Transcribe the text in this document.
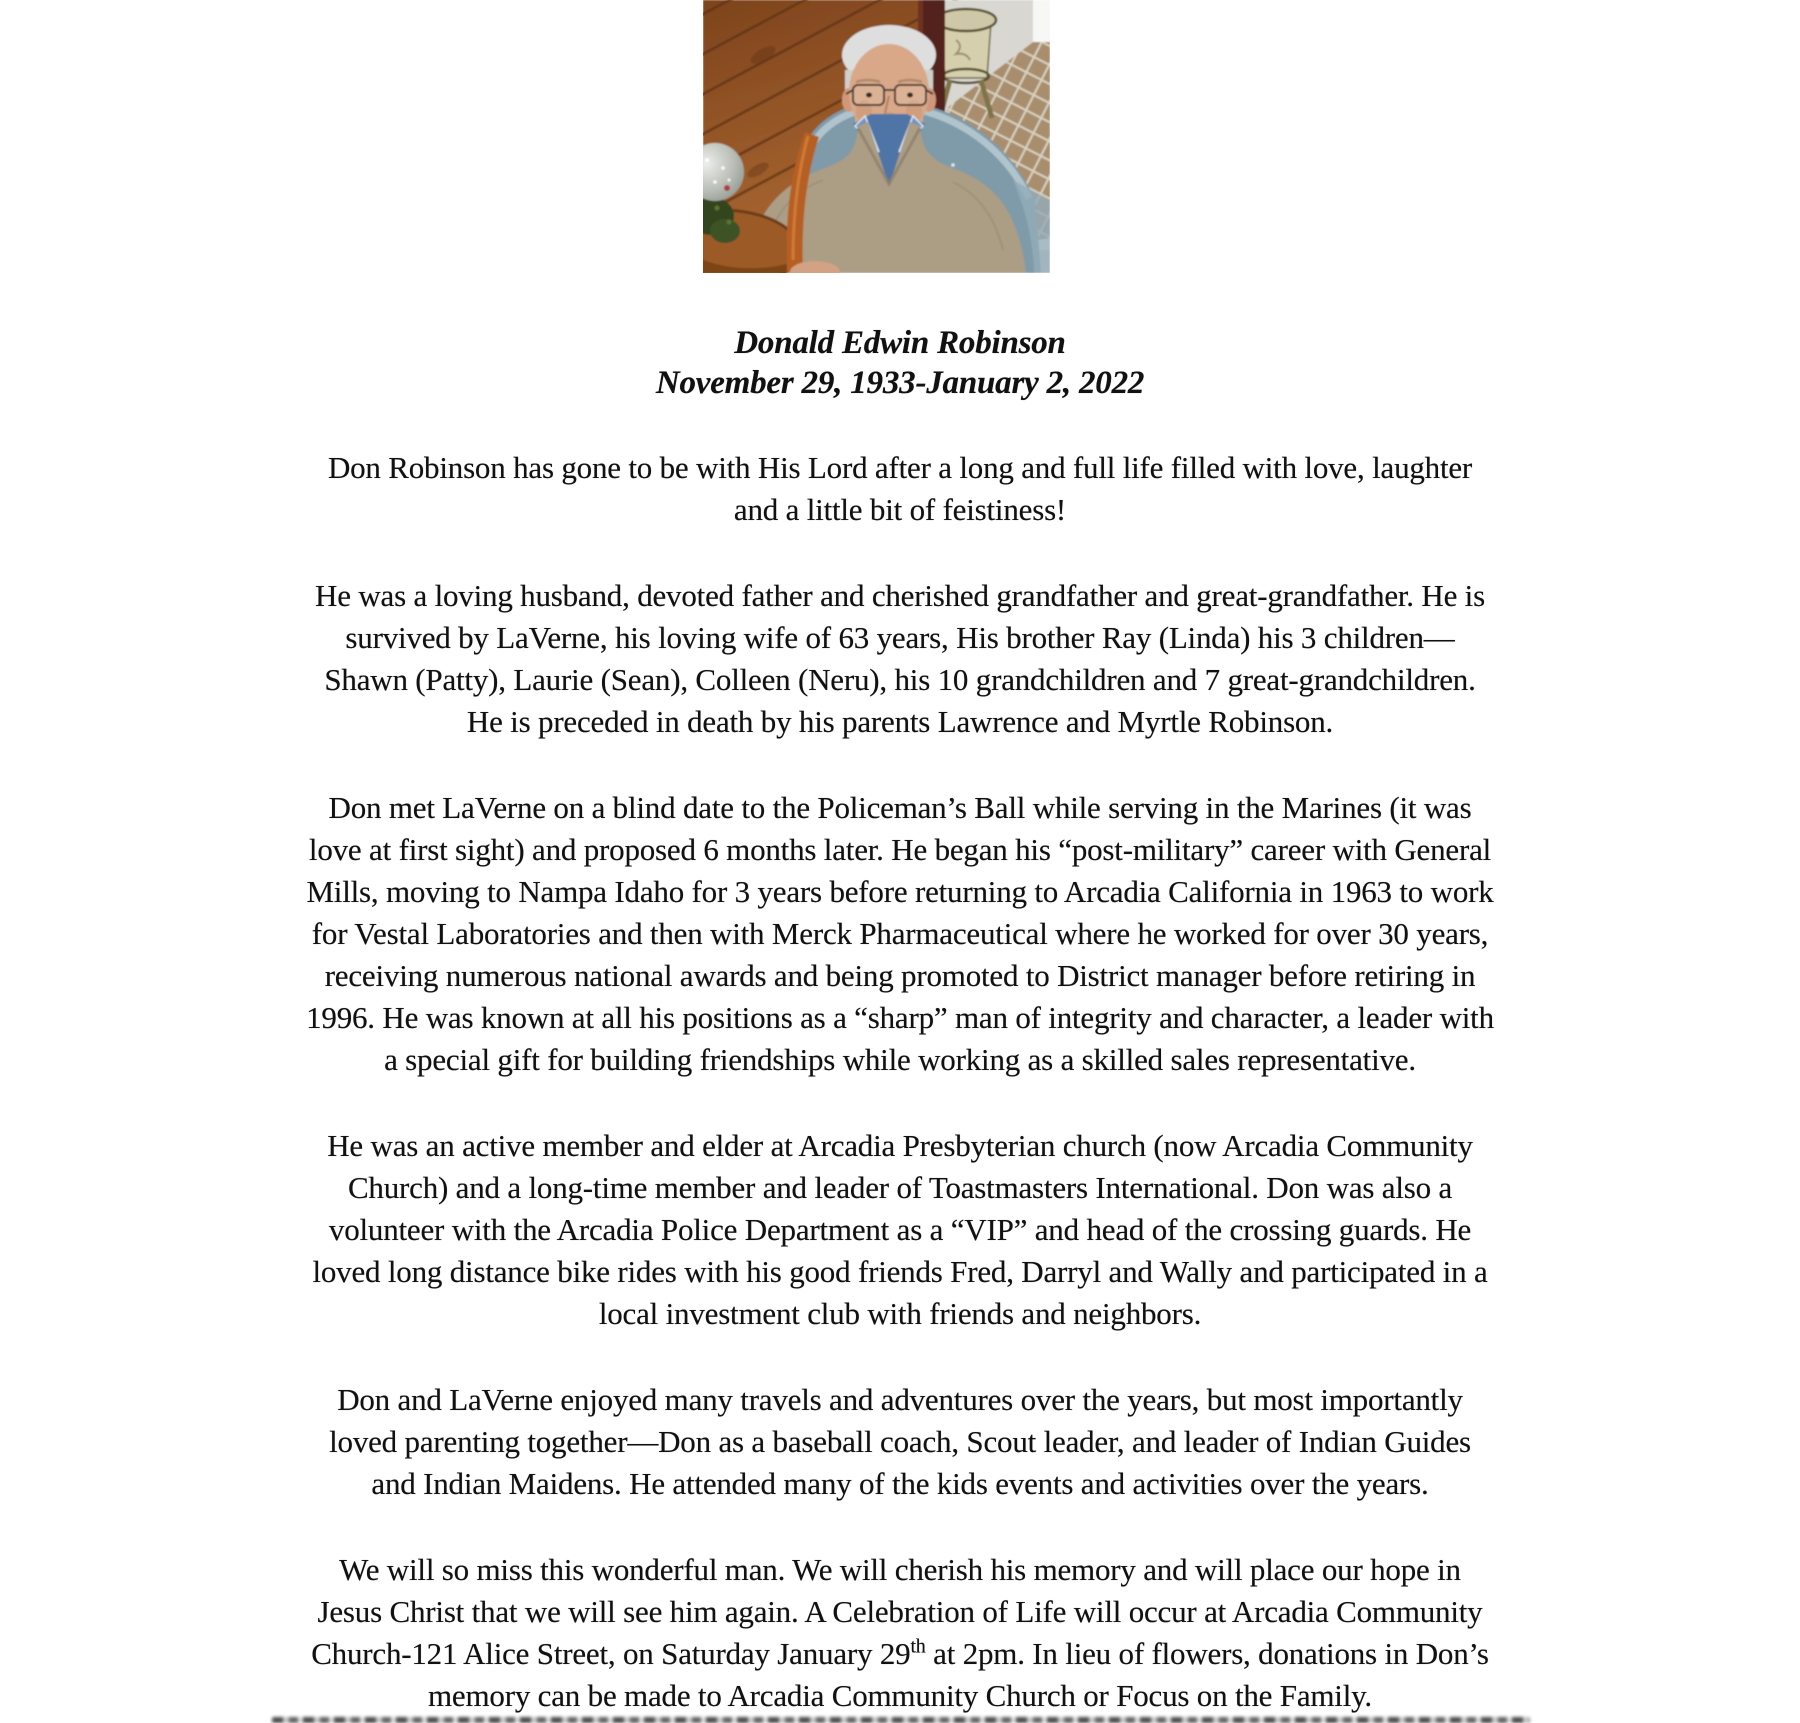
Donald Edwin Robinson
November 29, 1933-January 2, 2022
Don Robinson has gone to be with His Lord after a long and full life filled with love, laughter
and a little bit of feistiness!
He was a loving husband, devoted father and cherished grandfather and great-grandfather. He is
survived by LaVerne, his loving wife of 63 years, His brother Ray (Linda) his 3 children—
Shawn (Patty), Laurie (Sean), Colleen (Neru), his 10 grandchildren and 7 great-grandchildren.
He is preceded in death by his parents Lawrence and Myrtle Robinson.
Don met LaVerne on a blind date to the Policeman’s Ball while serving in the Marines (it was
love at first sight) and proposed 6 months later. He began his “post-military” career with General
Mills, moving to Nampa Idaho for 3 years before returning to Arcadia California in 1963 to work
for Vestal Laboratories and then with Merck Pharmaceutical where he worked for over 30 years,
receiving numerous national awards and being promoted to District manager before retiring in
1996. He was known at all his positions as a “sharp” man of integrity and character, a leader with
a special gift for building friendships while working as a skilled sales representative.
He was an active member and elder at Arcadia Presbyterian church (now Arcadia Community
Church) and a long-time member and leader of Toastmasters International. Don was also a
volunteer with the Arcadia Police Department as a “VIP” and head of the crossing guards. He
loved long distance bike rides with his good friends Fred, Darryl and Wally and participated in a
local investment club with friends and neighbors.
Don and LaVerne enjoyed many travels and adventures over the years, but most importantly
loved parenting together—Don as a baseball coach, Scout leader, and leader of Indian Guides
and Indian Maidens. He attended many of the kids events and activities over the years.
We will so miss this wonderful man. We will cherish his memory and will place our hope in
Jesus Christ that we will see him again. A Celebration of Life will occur at Arcadia Community
Church-121 Alice Street, on Saturday January 29th at 2pm. In lieu of flowers, donations in Don’s
memory can be made to Arcadia Community Church or Focus on the Family.
